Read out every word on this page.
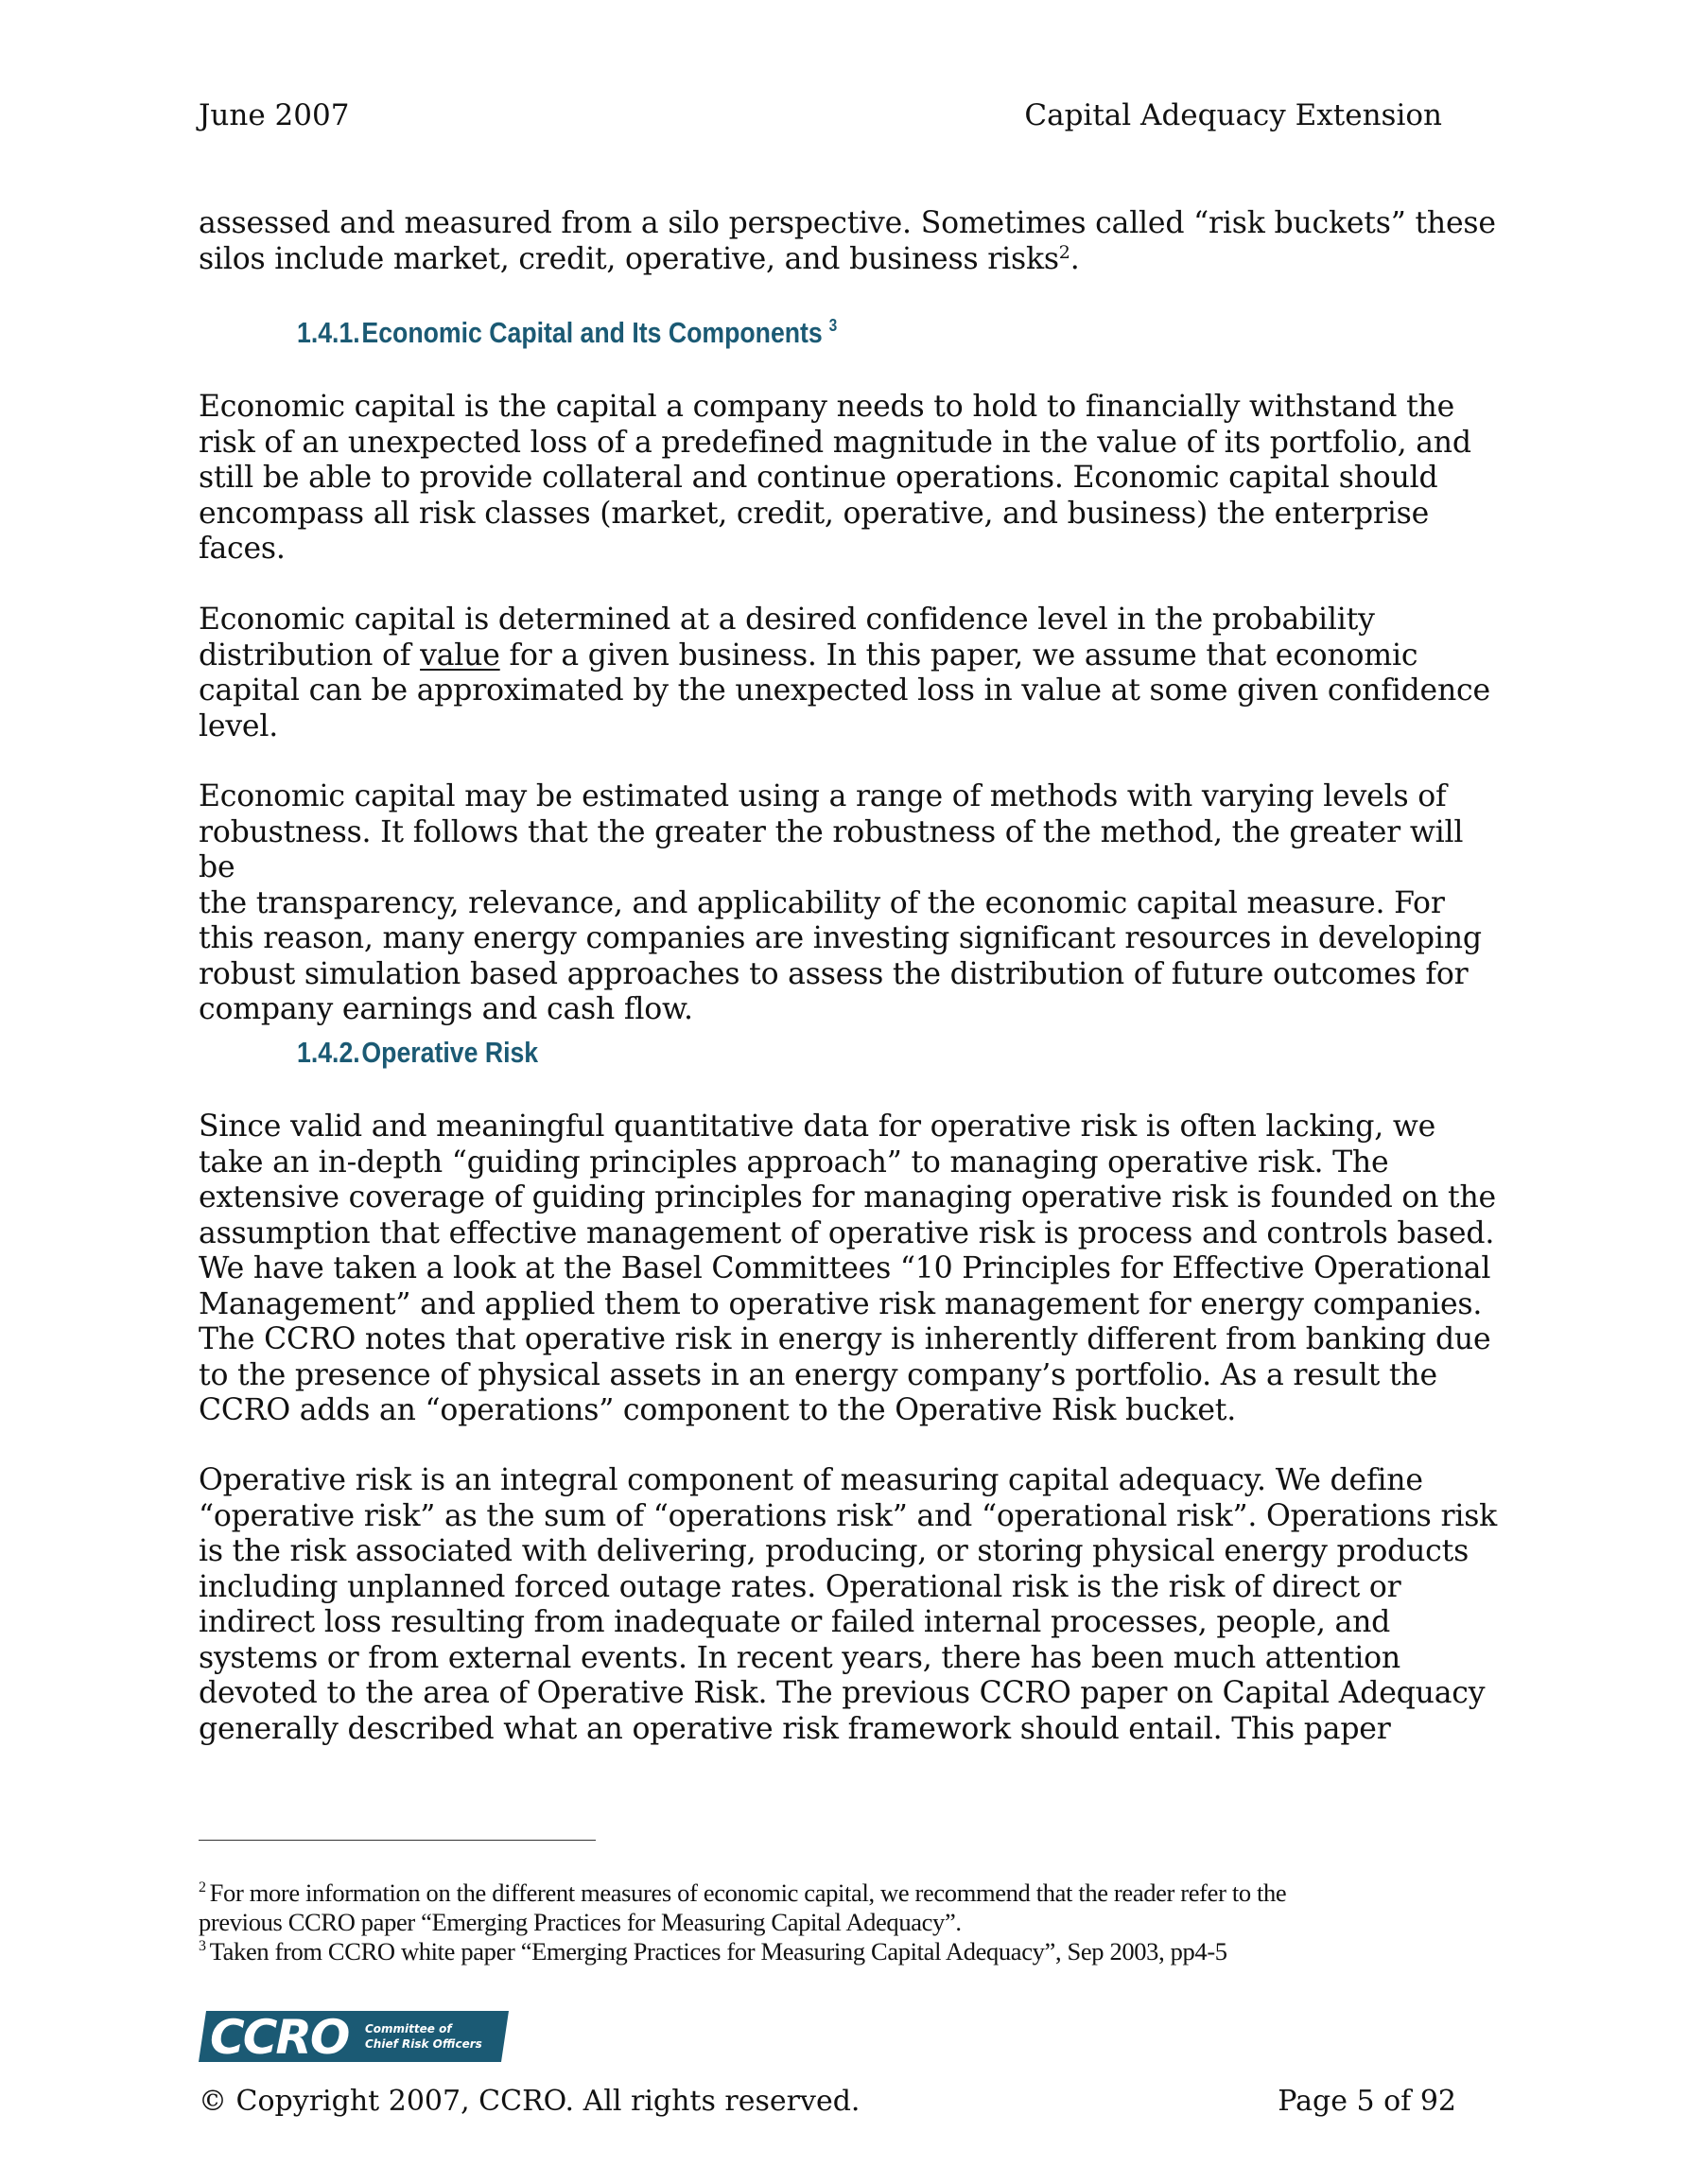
June 2007	Capital Adequacy Extension
assessed and measured from a silo perspective. Sometimes called “risk buckets” these
silos include market, credit, operative, and business risks$^2$.
1.4.1.Economic Capital and Its Components $^3$
Economic capital is the capital a company needs to hold to financially withstand the
risk of an unexpected loss of a predefined magnitude in the value of its portfolio, and
still be able to provide collateral and continue operations. Economic capital should
encompass all risk classes (market, credit, operative, and business) the enterprise
faces.
Economic capital is determined at a desired confidence level in the probability
distribution of value for a given business. In this paper, we assume that economic
capital can be approximated by the unexpected loss in value at some given confidence
level.
Economic capital may be estimated using a range of methods with varying levels of
robustness. It follows that the greater the robustness of the method, the greater will be
the transparency, relevance, and applicability of the economic capital measure. For
this reason, many energy companies are investing significant resources in developing
robust simulation based approaches to assess the distribution of future outcomes for
company earnings and cash flow.
1.4.2.Operative Risk
Since valid and meaningful quantitative data for operative risk is often lacking, we
take an in-depth “guiding principles approach” to managing operative risk. The
extensive coverage of guiding principles for managing operative risk is founded on the
assumption that effective management of operative risk is process and controls based.
We have taken a look at the Basel Committees “10 Principles for Effective Operational
Management” and applied them to operative risk management for energy companies.
The CCRO notes that operative risk in energy is inherently different from banking due
to the presence of physical assets in an energy company’s portfolio. As a result the
CCRO adds an “operations” component to the Operative Risk bucket.
Operative risk is an integral component of measuring capital adequacy. We define
“operative risk” as the sum of “operations risk” and “operational risk”. Operations risk
is the risk associated with delivering, producing, or storing physical energy products
including unplanned forced outage rates. Operational risk is the risk of direct or
indirect loss resulting from inadequate or failed internal processes, people, and
systems or from external events. In recent years, there has been much attention
devoted to the area of Operative Risk. The previous CCRO paper on Capital Adequacy
generally described what an operative risk framework should entail. This paper

$^2$ For more information on the different measures of economic capital, we recommend that the reader refer to the

previous CCRO paper “Emerging Practices for Measuring Capital Adequacy”.

$^3$ Taken from CCRO white paper “Emerging Practices for Measuring Capital Adequacy”, Sep 2003, pp4-5

CCRO Committee of
Chief Risk Officers
© Copyright 2007, CCRO. All rights reserved.	Page 5 of 92
